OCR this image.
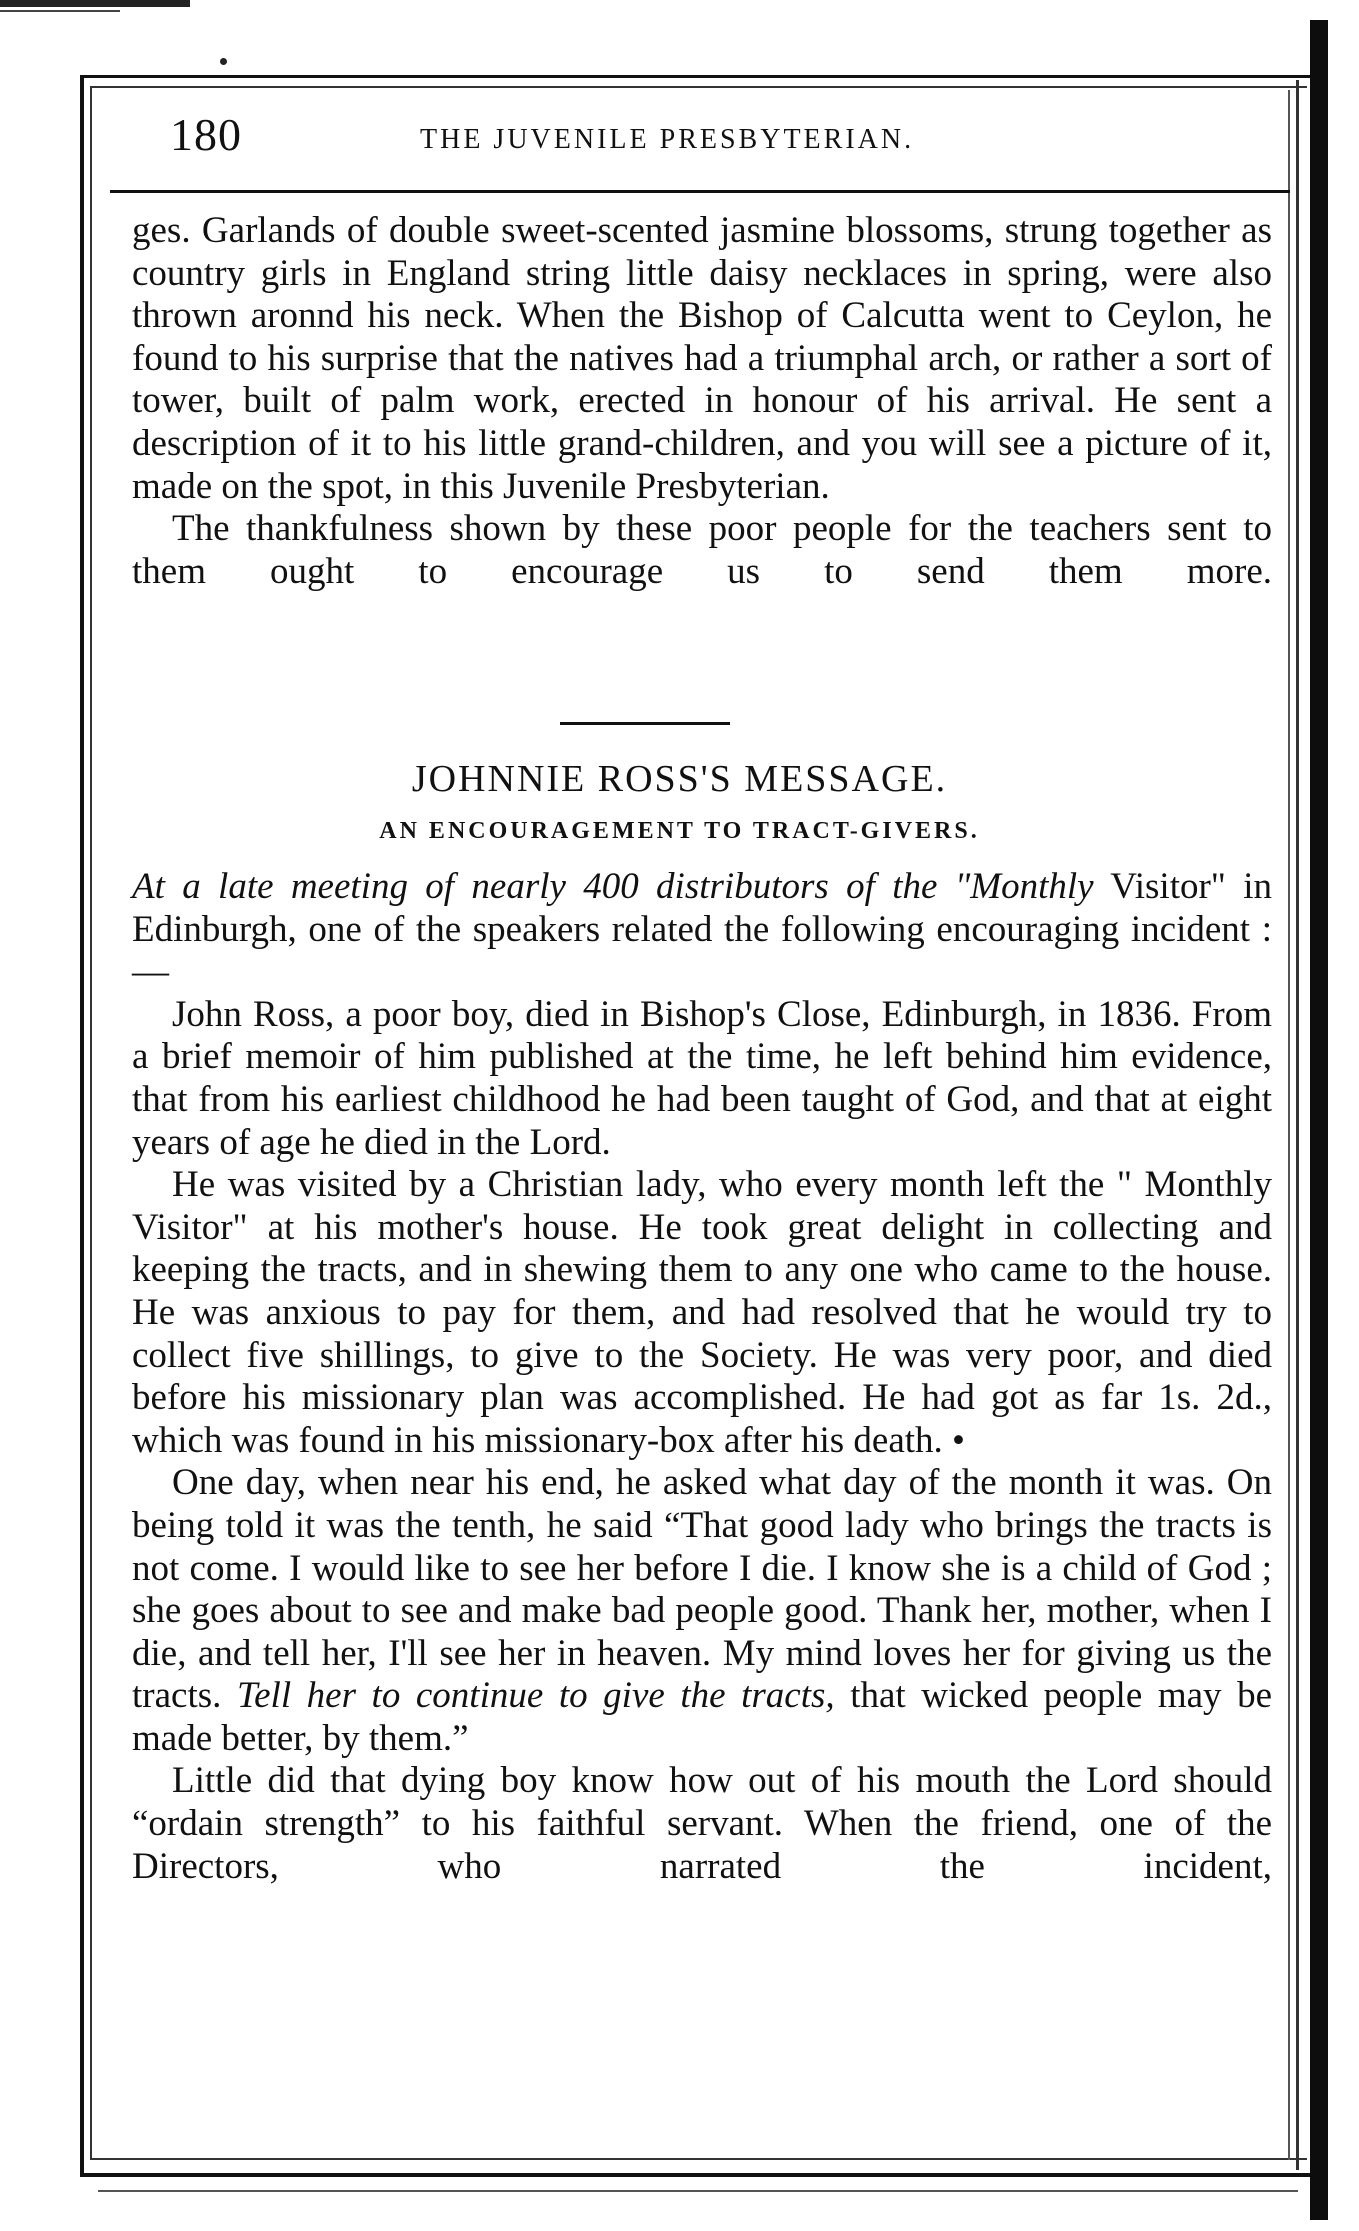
180	THE JUVENILE PRESBYTERIAN.

ges. Garlands of double sweet-scented jasmine blossoms, strung together as country girls in England string little daisy necklaces in spring, were also thrown aronnd his neck. When the Bishop of Calcutta went to Ceylon, he found to his surprise that the natives had a triumphal arch, or rather a sort of tower, built of palm work, erected in honour of his arrival. He sent a description of it to his little grand-children, and you will see a picture of it, made on the spot, in this Juvenile Presbyterian.

The thankfulness shown by these poor people for the teachers sent to them ought to encourage us to send them more.

JOHNNIE ROSS'S MESSAGE.
AN ENCOURAGEMENT TO TRACT-GIVERS.

At a late meeting of nearly 400 distributors of the "Monthly Visitor" in Edinburgh, one of the speakers related the following encouraging incident :—

John Ross, a poor boy, died in Bishop's Close, Edinburgh, in 1836. From a brief memoir of him published at the time, he left behind him evidence, that from his earliest childhood he had been taught of God, and that at eight years of age he died in the Lord.

He was visited by a Christian lady, who every month left the " Monthly Visitor" at his mother's house. He took great delight in collecting and keeping the tracts, and in shewing them to any one who came to the house. He was anxious to pay for them, and had resolved that he would try to collect five shillings, to give to the Society. He was very poor, and died before his missionary plan was accomplished. He had got as far 1s. 2d., which was found in his missionary-box after his death. •

One day, when near his end, he asked what day of the month it was. On being told it was the tenth, he said “That good lady who brings the tracts is not come. I would like to see her before I die. I know she is a child of God ; she goes about to see and make bad people good. Thank her, mother, when I die, and tell her, I'll see her in heaven. My mind loves her for giving us the tracts. Tell her to continue to give the tracts, that wicked people may be made better, by them.”

Little did that dying boy know how out of his mouth the Lord should “ordain strength” to his faithful servant. When the friend, one of the Directors, who narrated the incident,
